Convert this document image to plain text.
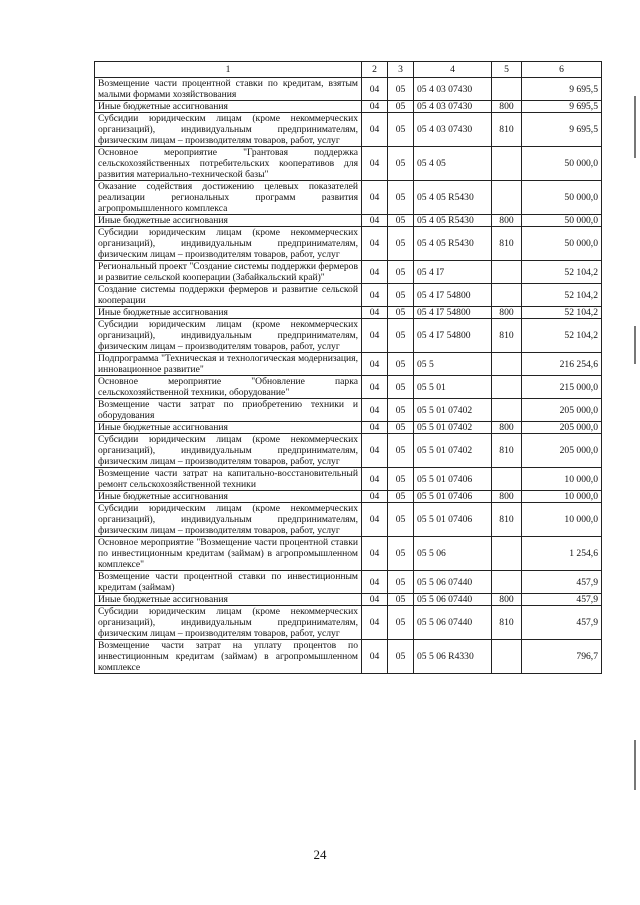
1	2	3	4	5	6
Возмещение части процентной ставки по кредитам, взятым малыми формами хозяйствования	04	05	05 4 03 07430		9 695,5
Иные бюджетные ассигнования	04	05	05 4 03 07430	800	9 695,5
Субсидии юридическим лицам (кроме некоммерческих организаций), индивидуальным предпринимателям, физическим лицам – производителям товаров, работ, услуг	04	05	05 4 03 07430	810	9 695,5
Основное мероприятие "Грантовая поддержка сельскохозяйственных потребительских кооперативов для развития материально-технической базы"	04	05	05 4 05		50 000,0
Оказание содействия достижению целевых показателей реализации региональных программ развития агропромышленного комплекса	04	05	05 4 05 R5430		50 000,0
Иные бюджетные ассигнования	04	05	05 4 05 R5430	800	50 000,0
Субсидии юридическим лицам (кроме некоммерческих организаций), индивидуальным предпринимателям, физическим лицам – производителям товаров, работ, услуг	04	05	05 4 05 R5430	810	50 000,0
Региональный проект "Создание системы поддержки фермеров и развитие сельской кооперации (Забайкальский край)"	04	05	05 4 I7		52 104,2
Создание системы поддержки фермеров и развитие сельской кооперации	04	05	05 4 I7 54800		52 104,2
Иные бюджетные ассигнования	04	05	05 4 I7 54800	800	52 104,2
Субсидии юридическим лицам (кроме некоммерческих организаций), индивидуальным предпринимателям, физическим лицам – производителям товаров, работ, услуг	04	05	05 4 I7 54800	810	52 104,2
Подпрограмма "Техническая и технологическая модернизация, инновационное развитие"	04	05	05 5		216 254,6
Основное мероприятие "Обновление парка сельскохозяйственной техники, оборудование"	04	05	05 5 01		215 000,0
Возмещение части затрат по приобретению техники и оборудования	04	05	05 5 01 07402		205 000,0
Иные бюджетные ассигнования	04	05	05 5 01 07402	800	205 000,0
Субсидии юридическим лицам (кроме некоммерческих организаций), индивидуальным предпринимателям, физическим лицам – производителям товаров, работ, услуг	04	05	05 5 01 07402	810	205 000,0
Возмещение части затрат на капитально-восстановительный ремонт сельскохозяйственной техники	04	05	05 5 01 07406		10 000,0
Иные бюджетные ассигнования	04	05	05 5 01 07406	800	10 000,0
Субсидии юридическим лицам (кроме некоммерческих организаций), индивидуальным предпринимателям, физическим лицам – производителям товаров, работ, услуг	04	05	05 5 01 07406	810	10 000,0
Основное мероприятие "Возмещение части процентной ставки по инвестиционным кредитам (займам) в агропромышленном комплексе"	04	05	05 5 06		1 254,6
Возмещение части процентной ставки по инвестиционным кредитам (займам)	04	05	05 5 06 07440		457,9
Иные бюджетные ассигнования	04	05	05 5 06 07440	800	457,9
Субсидии юридическим лицам (кроме некоммерческих организаций), индивидуальным предпринимателям, физическим лицам – производителям товаров, работ, услуг	04	05	05 5 06 07440	810	457,9
Возмещение части затрат на уплату процентов по инвестиционным кредитам (займам) в агропромышленном комплексе	04	05	05 5 06 R4330		796,7
24
